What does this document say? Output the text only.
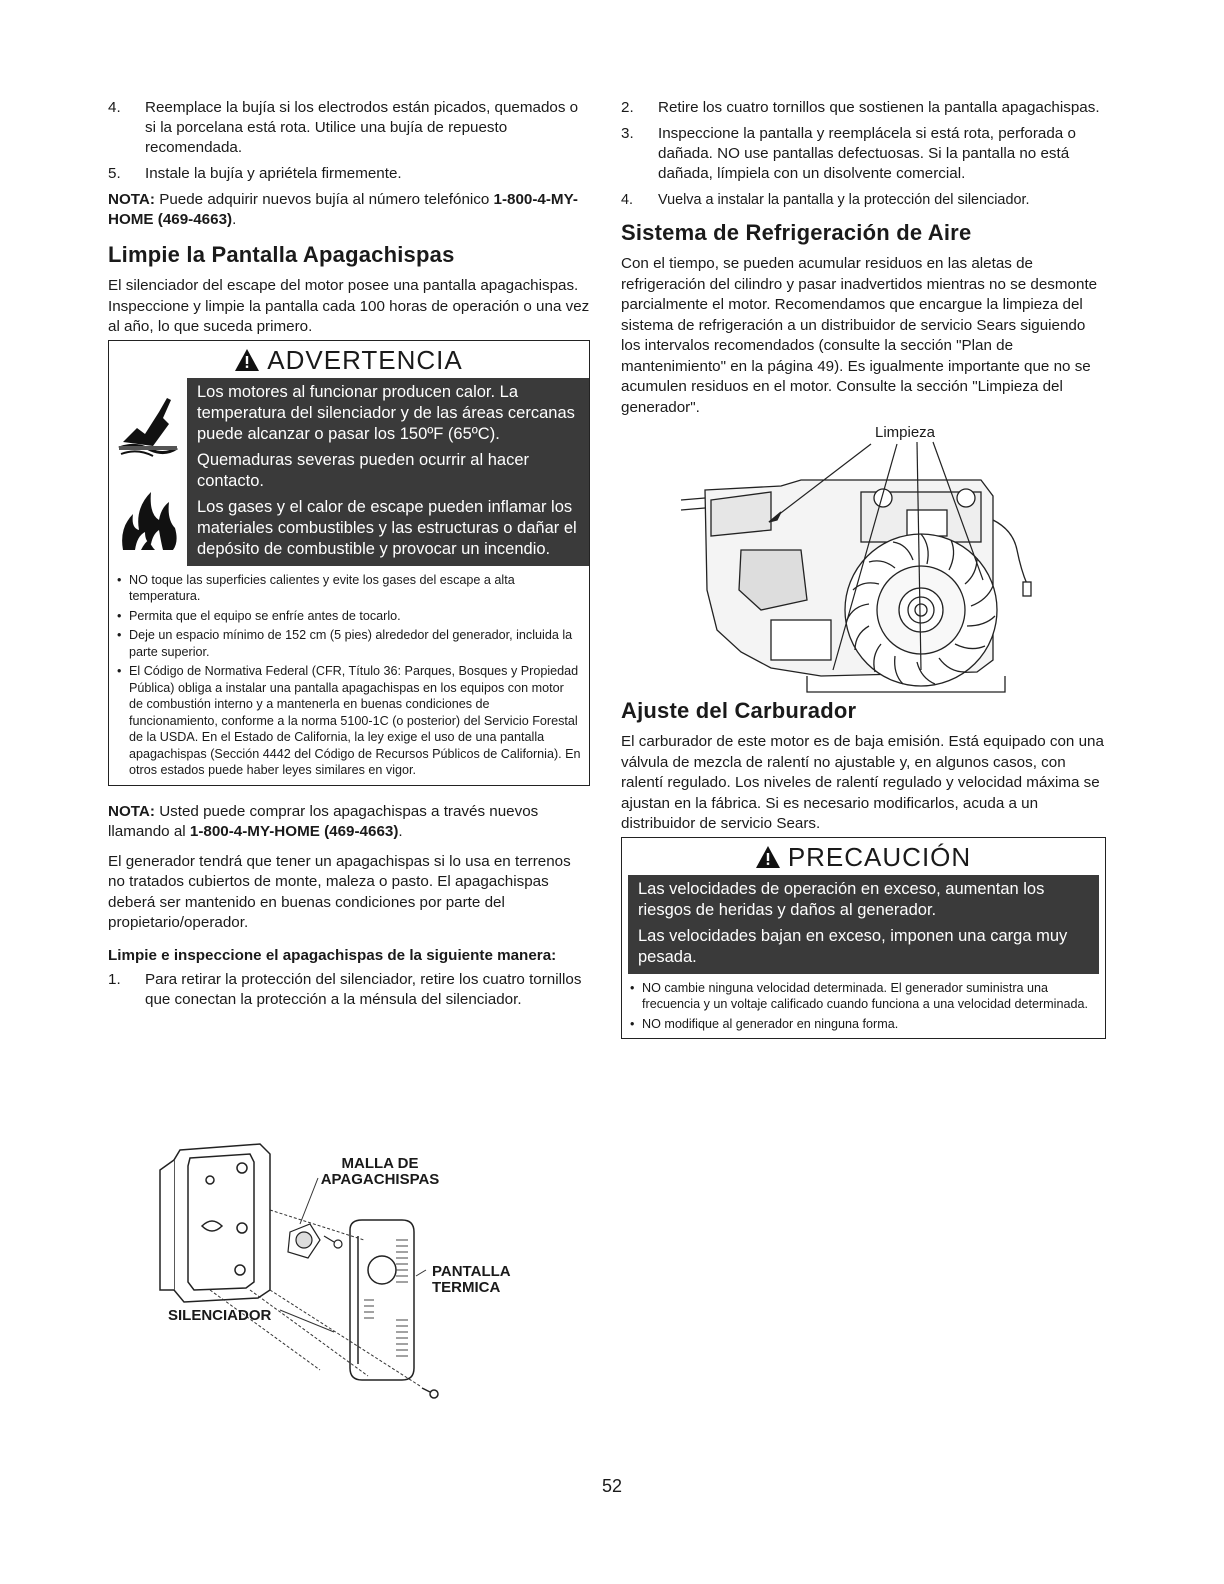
4.	Reemplace la bujía si los electrodos están picados, quemados o si la porcelana está rota. Utilice una bujía de repuesto recomendada.
5.	Instale la bujía y apriétela firmemente.

NOTA: Puede adquirir nuevos bujía al número telefónico 1-800-4-MY-HOME (469-4663).

Limpie la Pantalla Apagachispas

El silenciador del escape del motor posee una pantalla apagachispas. Inspeccione y limpie la pantalla cada 100 horas de operación o una vez al año, lo que suceda primero.

ADVERTENCIA

Los motores al funcionar producen calor. La temperatura del silenciador y de las áreas cercanas puede alcanzar o pasar los 150ºF (65ºC).

Quemaduras severas pueden ocurrir al hacer contacto.

Los gases y el calor de escape pueden inflamar los materiales combustibles y las estructuras o dañar el depósito de combustible y provocar un incendio.

• NO toque las superficies calientes y evite los gases del escape a alta temperatura.
• Permita que el equipo se enfríe antes de tocarlo.
• Deje un espacio mínimo de 152 cm (5 pies) alrededor del generador, incluida la parte superior.
• El Código de Normativa Federal (CFR, Título 36: Parques, Bosques y Propiedad Pública) obliga a instalar una pantalla apagachispas en los equipos con motor de combustión interno y a mantenerla en buenas condiciones de funcionamiento, conforme a la norma 5100-1C (o posterior) del Servicio Forestal de la USDA. En el Estado de California, la ley exige el uso de una pantalla apagachispas (Sección 4442 del Código de Recursos Públicos de California). En otros estados puede haber leyes similares en vigor.

NOTA: Usted puede comprar los apagachispas a través nuevos llamando al 1-800-4-MY-HOME (469-4663).

El generador tendrá que tener un apagachispas si lo usa en terrenos no tratados cubiertos de monte, maleza o pasto. El apagachispas deberá ser mantenido en buenas condiciones por parte del propietario/operador.

Limpie e inspeccione el apagachispas de la siguiente manera:
1.	Para retirar la protección del silenciador, retire los cuatro tornillos que conectan la protección a la ménsula del silenciador.
MALLA DE
APAGACHISPAS
PANTALLA
TERMICA
SILENCIADOR
2.	Retire los cuatro tornillos que sostienen la pantalla apagachispas.
3.	Inspeccione la pantalla y reemplácela si está rota, perforada o dañada. NO use pantallas defectuosas. Si la pantalla no está dañada, límpiela con un disolvente comercial.
4.	Vuelva a instalar la pantalla y la protección del silenciador.
Sistema de Refrigeración de Aire

Con el tiempo, se pueden acumular residuos en las aletas de refrigeración del cilindro y pasar inadvertidos mientras no se desmonte parcialmente el motor. Recomendamos que encargue la limpieza del sistema de refrigeración a un distribuidor de servicio Sears siguiendo los intervalos recomendados (consulte la sección "Plan de mantenimiento" en la página 49). Es igualmente importante que no se acumulen residuos en el motor. Consulte la sección "Limpieza del generador".

Limpieza
Ajuste del Carburador

El carburador de este motor es de baja emisión. Está equipado con una válvula de mezcla de ralentí no ajustable y, en algunos casos, con ralentí regulado. Los niveles de ralentí regulado y velocidad máxima se ajustan en la fábrica. Si es necesario modificarlos, acuda a un distribuidor de servicio Sears.

PRECAUCIÓN

Las velocidades de operación en exceso, aumentan los riesgos de heridas y daños al generador.

Las velocidades bajan en exceso, imponen una carga muy pesada.

• NO cambie ninguna velocidad determinada. El generador suministra una frecuencia y un voltaje calificado cuando funciona a una velocidad determinada.
• NO modifique al generador en ninguna forma.
52
